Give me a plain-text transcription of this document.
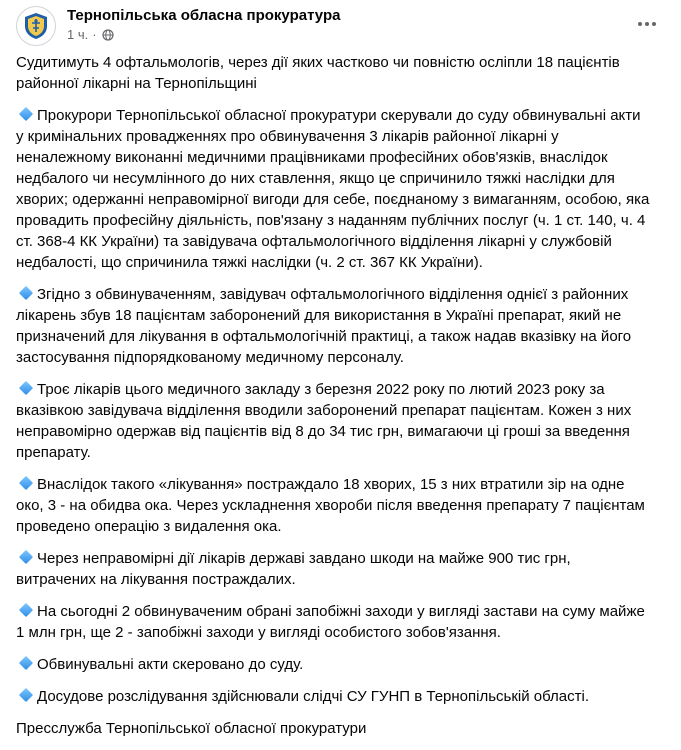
Тернопільська обласна прокуратура
1 ч. ·

Судитимуть 4 офтальмологів, через дії яких частково чи повністю осліпли 18 пацієнтів районної лікарні на Тернопільщині

Прокурори Тернопільської обласної прокуратури скерували до суду обвинувальні акти у кримінальних провадженнях про обвинувачення 3 лікарів районної лікарні у неналежному виконанні медичними працівниками професійних обов'язків, внаслідок недбалого чи несумлінного до них ставлення, якщо це спричинило тяжкі наслідки для хворих; одержанні неправомірної вигоди для себе, поєднаному з вимаганням, особою, яка провадить професійну діяльність, пов'язану з наданням публічних послуг (ч. 1 ст. 140, ч. 4 ст. 368-4 КК України) та завідувача офтальмологічного відділення лікарні у службовій недбалості, що спричинила тяжкі наслідки (ч. 2 ст. 367 КК України).

Згідно з обвинуваченням, завідувач офтальмологічного відділення однієї з районних лікарень збув 18 пацієнтам заборонений для використання в Україні препарат, який не призначений для лікування в офтальмологічній практиці, а також надав вказівку на його застосування підпорядкованому медичному персоналу.

Троє лікарів цього медичного закладу з березня 2022 року по лютий 2023 року за вказівкою завідувача відділення вводили заборонений препарат пацієнтам. Кожен з них неправомірно одержав від пацієнтів від 8 до 34 тис грн, вимагаючи ці гроші за введення препарату.

Внаслідок такого «лікування» постраждало 18 хворих, 15 з них втратили зір на одне око, 3 - на обидва ока. Через ускладнення хвороби після введення препарату 7 пацієнтам проведено операцію з видалення ока.

Через неправомірні дії лікарів державі завдано шкоди на майже 900 тис грн, витрачених на лікування постраждалих.

На сьогодні 2 обвинуваченим обрані запобіжні заходи у вигляді застави на суму майже 1 млн грн, ще 2 - запобіжні заходи у вигляді особистого зобов'язання.

Обвинувальні акти скеровано до суду.

Досудове розслідування здійснювали слідчі СУ ГУНП в Тернопільській області.

Пресслужба Тернопільської обласної прокуратури
